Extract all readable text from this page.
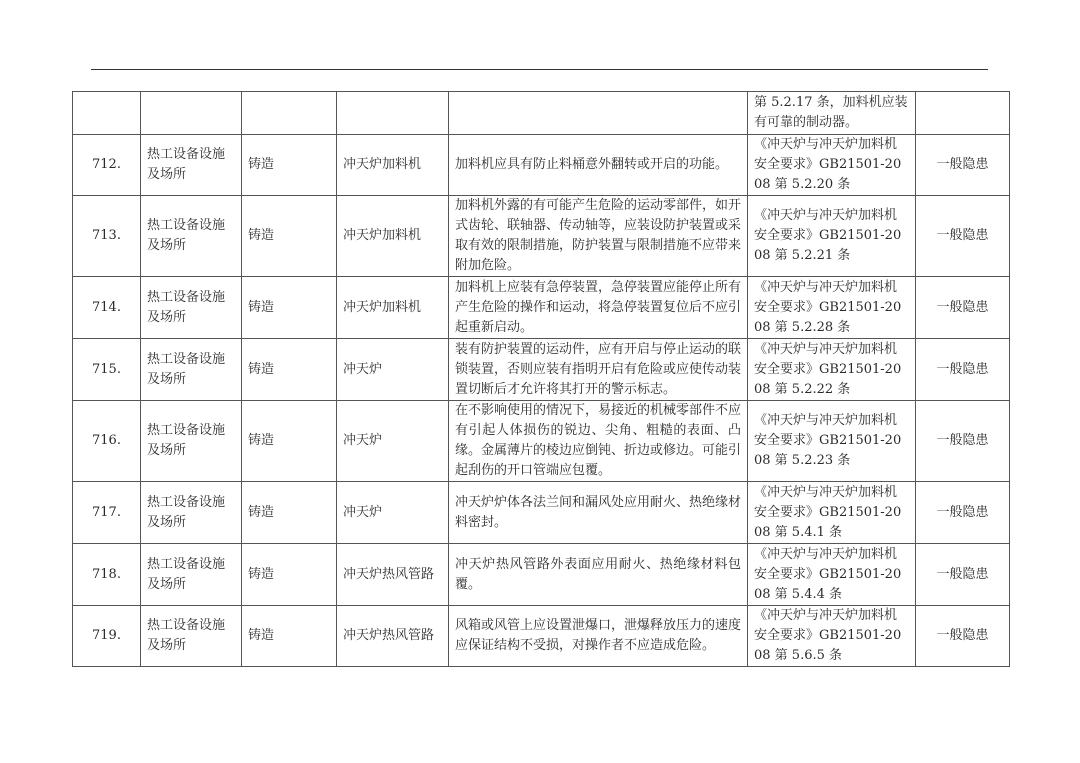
					第 5.2.17 条，加料机应装有可靠的制动器。	
712.	热工设备设施及场所	铸造	冲天炉加料机	加料机应具有防止料桶意外翻转或开启的功能。	《冲天炉与冲天炉加料机安全要求》GB21501-2008 第 5.2.20 条	一般隐患
713.	热工设备设施及场所	铸造	冲天炉加料机	加料机外露的有可能产生危险的运动零部件，如开式齿轮、联轴器、传动轴等，应装设防护装置或采取有效的限制措施，防护装置与限制措施不应带来附加危险。	《冲天炉与冲天炉加料机安全要求》GB21501-2008 第 5.2.21 条	一般隐患
714.	热工设备设施及场所	铸造	冲天炉加料机	加料机上应装有急停装置，急停装置应能停止所有产生危险的操作和运动，将急停装置复位后不应引起重新启动。	《冲天炉与冲天炉加料机安全要求》GB21501-2008 第 5.2.28 条	一般隐患
715.	热工设备设施及场所	铸造	冲天炉	装有防护装置的运动件，应有开启与停止运动的联锁装置，否则应装有指明开启有危险或应使传动装置切断后才允许将其打开的警示标志。	《冲天炉与冲天炉加料机安全要求》GB21501-2008 第 5.2.22 条	一般隐患
716.	热工设备设施及场所	铸造	冲天炉	在不影响使用的情况下，易接近的机械零部件不应有引起人体损伤的锐边、尖角、粗糙的表面、凸缘。金属薄片的棱边应倒钝、折边或修边。可能引起刮伤的开口管端应包覆。	《冲天炉与冲天炉加料机安全要求》GB21501-2008 第 5.2.23 条	一般隐患
717.	热工设备设施及场所	铸造	冲天炉	冲天炉炉体各法兰间和漏风处应用耐火、热绝缘材料密封。	《冲天炉与冲天炉加料机安全要求》GB21501-2008 第 5.4.1 条	一般隐患
718.	热工设备设施及场所	铸造	冲天炉热风管路	冲天炉热风管路外表面应用耐火、热绝缘材料包覆。	《冲天炉与冲天炉加料机安全要求》GB21501-2008 第 5.4.4 条	一般隐患
719.	热工设备设施及场所	铸造	冲天炉热风管路	风箱或风管上应设置泄爆口，泄爆释放压力的速度应保证结构不受损，对操作者不应造成危险。	《冲天炉与冲天炉加料机安全要求》GB21501-2008 第 5.6.5 条	一般隐患
